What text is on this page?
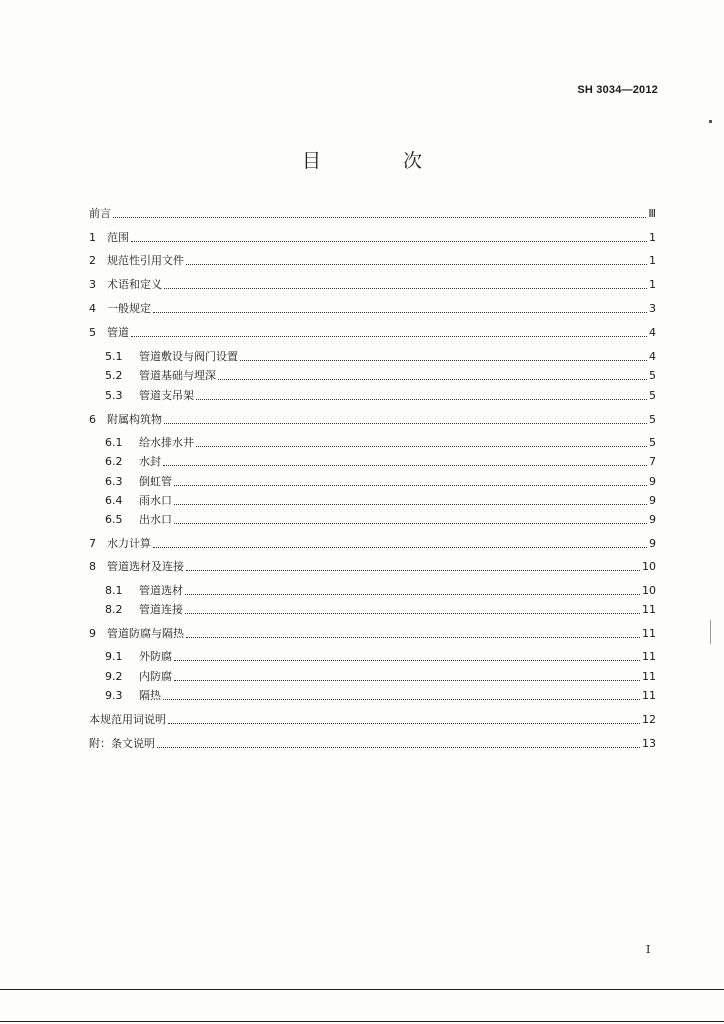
SH 3034—2012
目 次
前言	Ⅲ
1	范围	1
2	规范性引用文件	1
3	术语和定义	1
4	一般规定	3
5	管道	4
5.1	管道敷设与阀门设置	4
5.2	管道基础与埋深	5
5.3	管道支吊架	5
6	附属构筑物	5
6.1	给水排水井	5
6.2	水封	7
6.3	倒虹管	9
6.4	雨水口	9
6.5	出水口	9
7	水力计算	9
8	管道选材及连接	10
8.1	管道选材	10
8.2	管道连接	11
9	管道防腐与隔热	11
9.1	外防腐	11
9.2	内防腐	11
9.3	隔热	11
本规范用词说明	12
附：条文说明	13
I
